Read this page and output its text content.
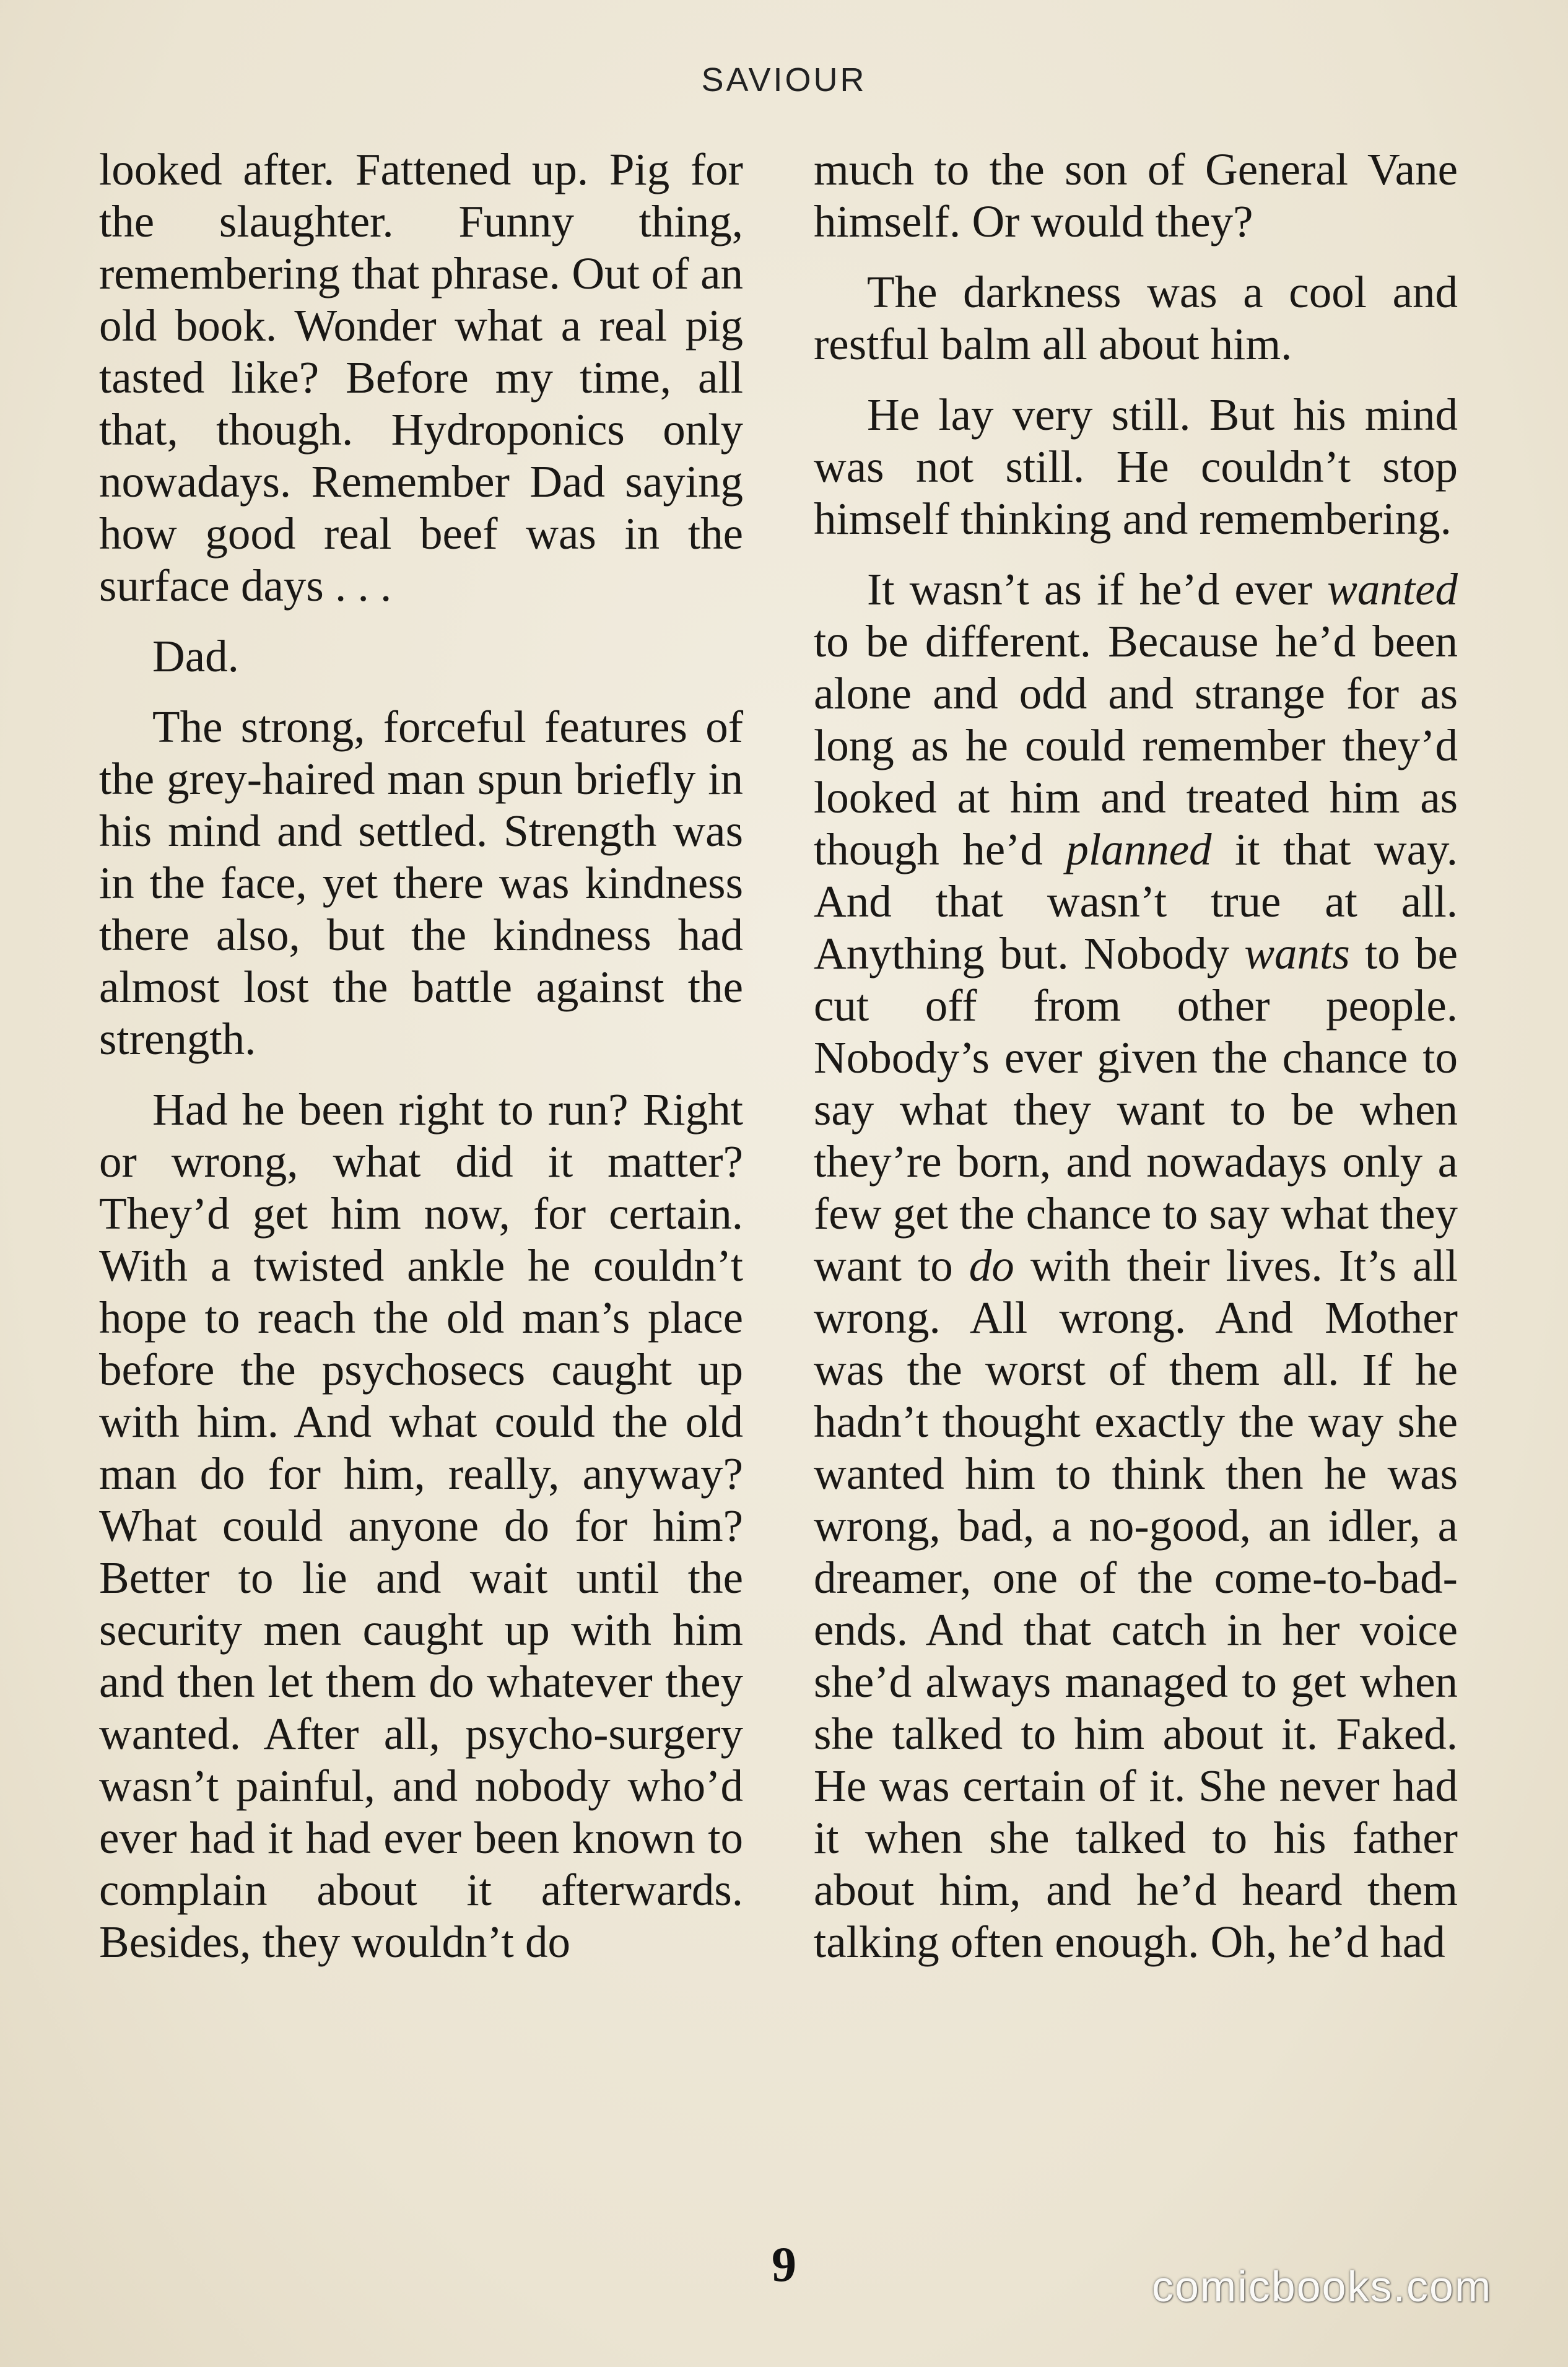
SAVIOUR

looked after. Fattened up. Pig for the slaughter. Funny thing, remembering that phrase. Out of an old book. Wonder what a real pig tasted like? Before my time, all that, though. Hydroponics only nowadays. Remember Dad saying how good real beef was in the surface days . . .

Dad.

The strong, forceful features of the grey-haired man spun briefly in his mind and settled. Strength was in the face, yet there was kindness there also, but the kindness had almost lost the battle against the strength.

Had he been right to run? Right or wrong, what did it matter? They’d get him now, for certain. With a twisted ankle he couldn’t hope to reach the old man’s place before the psychosecs caught up with him. And what could the old man do for him, really, anyway? What could anyone do for him? Better to lie and wait until the security men caught up with him and then let them do whatever they wanted. After all, psycho-surgery wasn’t painful, and nobody who’d ever had it had ever been known to complain about it afterwards. Besides, they wouldn’t do

much to the son of General Vane himself. Or would they?

The darkness was a cool and restful balm all about him.

He lay very still. But his mind was not still. He couldn’t stop himself thinking and remembering.

It wasn’t as if he’d ever wanted to be different. Because he’d been alone and odd and strange for as long as he could remember they’d looked at him and treated him as though he’d planned it that way. And that wasn’t true at all. Anything but. Nobody wants to be cut off from other people. Nobody’s ever given the chance to say what they want to be when they’re born, and nowadays only a few get the chance to say what they want to do with their lives. It’s all wrong. All wrong. And Mother was the worst of them all. If he hadn’t thought exactly the way she wanted him to think then he was wrong, bad, a no-good, an idler, a dreamer, one of the come-to-bad-ends. And that catch in her voice she’d always managed to get when she talked to him about it. Faked. He was certain of it. She never had it when she talked to his father about him, and he’d heard them talking often enough. Oh, he’d had

9	comicbooks.com
